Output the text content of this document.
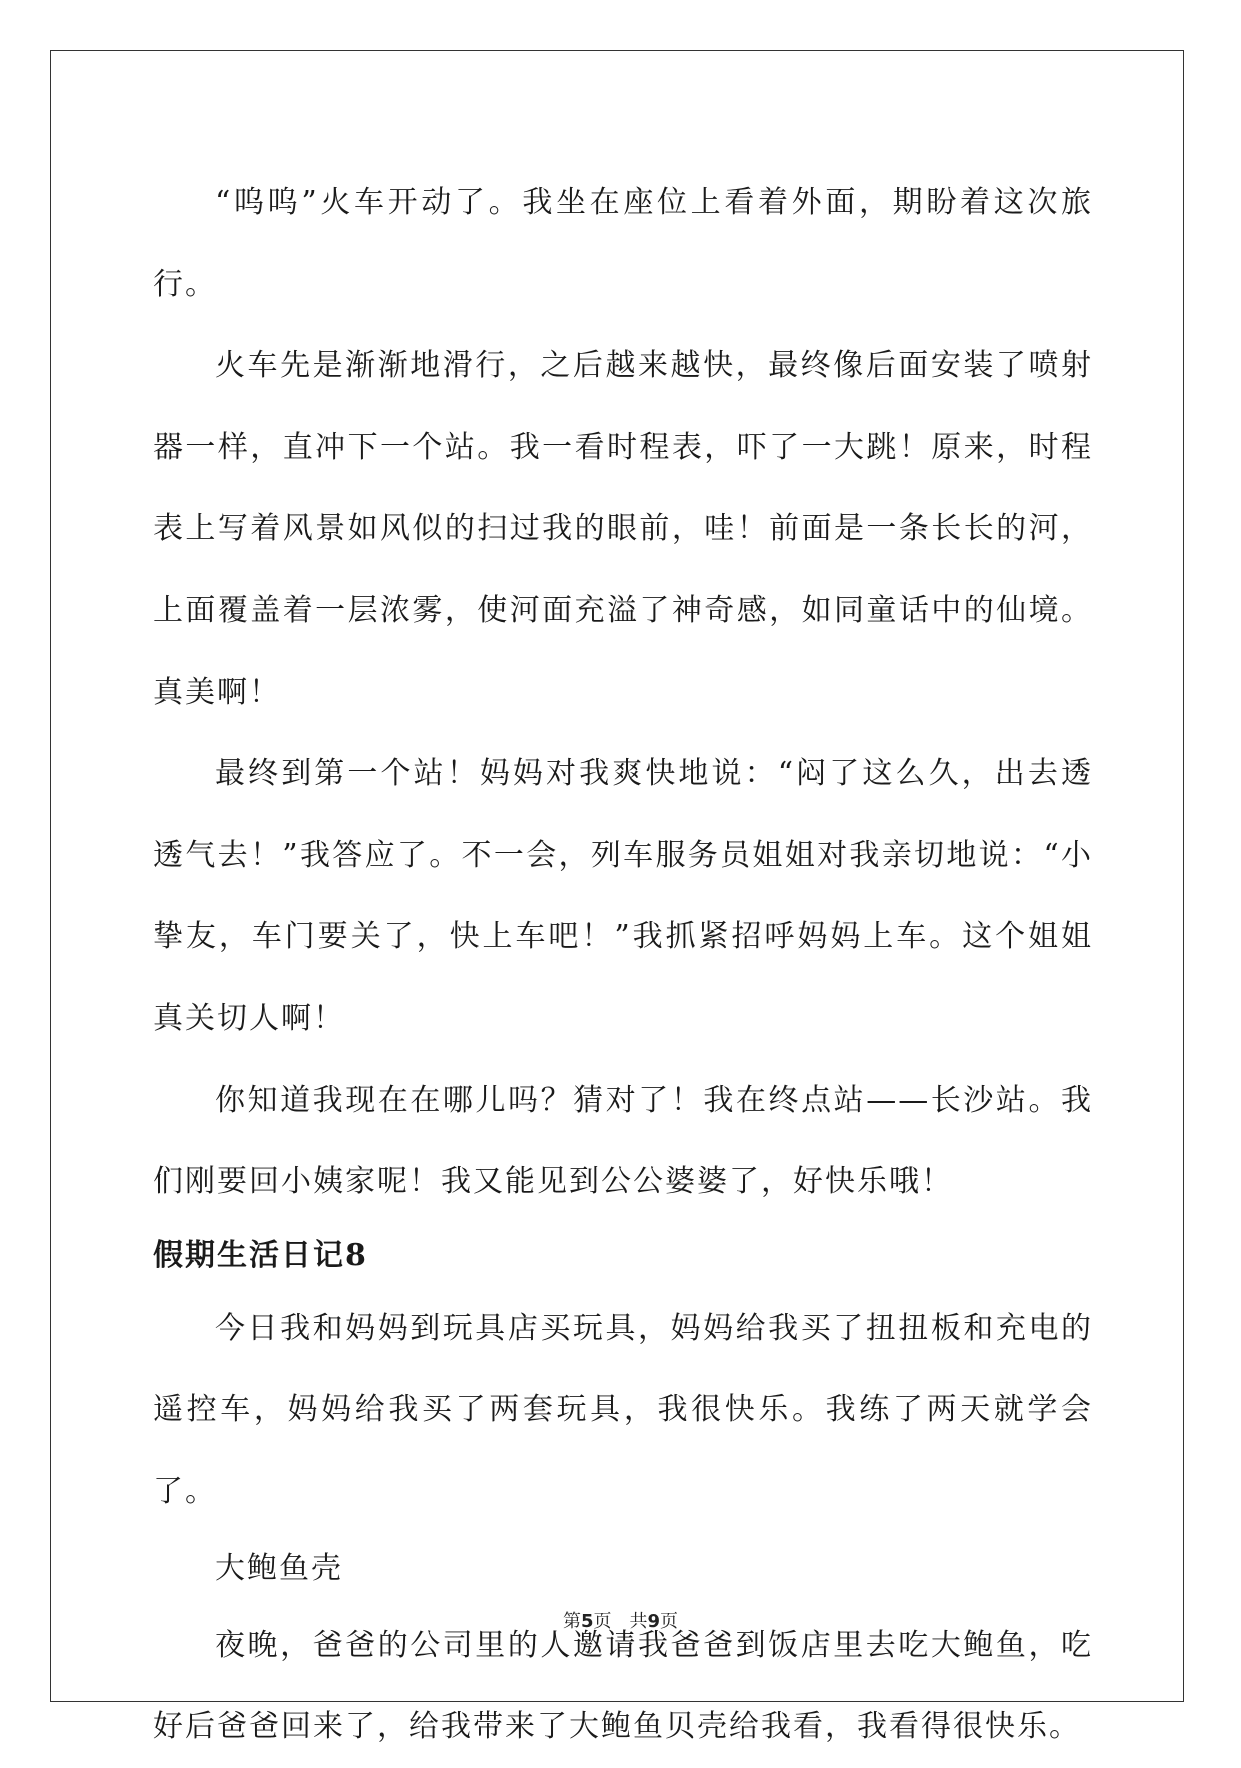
“呜呜”火车开动了。我坐在座位上看着外面，期盼着这次旅行。

火车先是渐渐地滑行，之后越来越快，最终像后面安装了喷射器一样，直冲下一个站。我一看时程表，吓了一大跳！原来，时程表上写着风景如风似的扫过我的眼前，哇！前面是一条长长的河，上面覆盖着一层浓雾，使河面充溢了神奇感，如同童话中的仙境。真美啊！

最终到第一个站！妈妈对我爽快地说：“闷了这么久，出去透透气去！”我答应了。不一会，列车服务员姐姐对我亲切地说：“小挚友，车门要关了，快上车吧！”我抓紧招呼妈妈上车。这个姐姐真关切人啊！

你知道我现在在哪儿吗？猜对了！我在终点站——长沙站。我们刚要回小姨家呢！我又能见到公公婆婆了，好快乐哦！

假期生活日记8

今日我和妈妈到玩具店买玩具，妈妈给我买了扭扭板和充电的遥控车，妈妈给我买了两套玩具，我很快乐。我练了两天就学会了。

大鲍鱼壳

夜晚，爸爸的公司里的人邀请我爸爸到饭店里去吃大鲍鱼，吃好后爸爸回来了，给我带来了大鲍鱼贝壳给我看，我看得很快乐。

第5页　共9页
